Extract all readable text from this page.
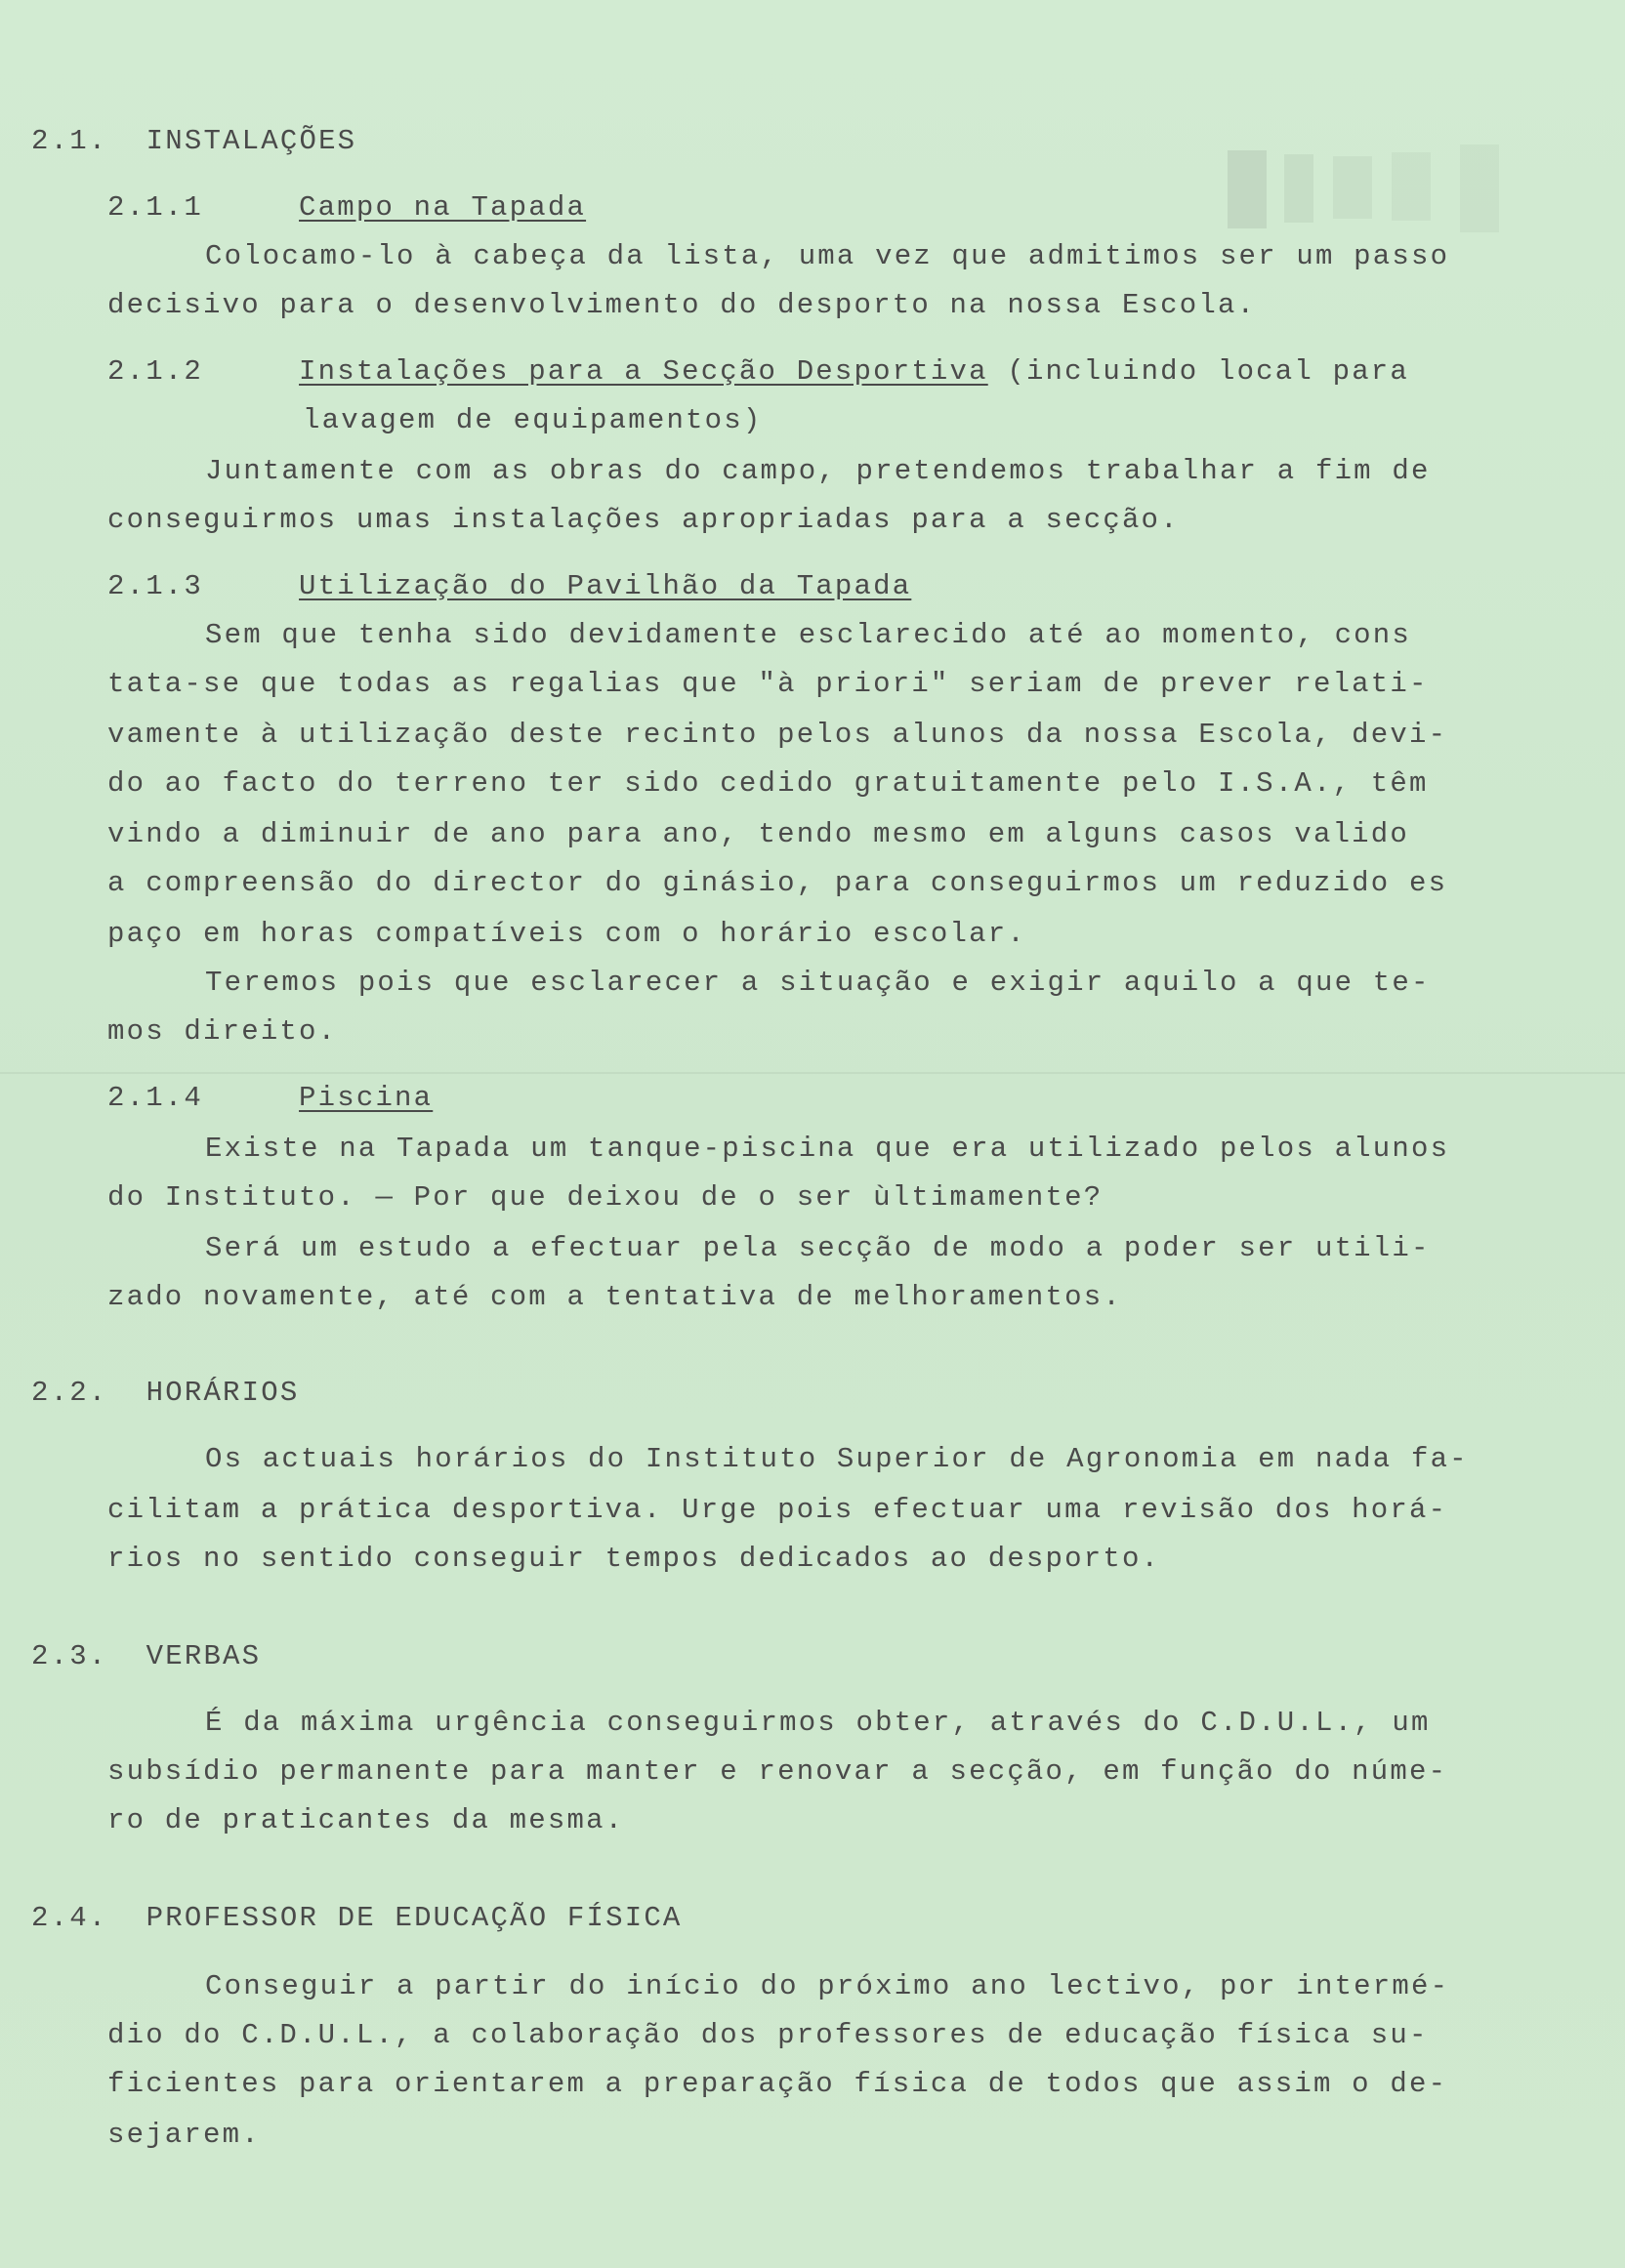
2.1. INSTALAÇÕES
2.1.1	Campo na Tapada
Colocamo-lo à cabeça da lista, uma vez que admitimos ser um passo
decisivo para o desenvolvimento do desporto na nossa Escola.
2.1.2	Instalações para a Secção Desportiva (incluindo local para
lavagem de equipamentos)
Juntamente com as obras do campo, pretendemos trabalhar a fim de
conseguirmos umas instalações apropriadas para a secção.
2.1.3	Utilização do Pavilhão da Tapada
Sem que tenha sido devidamente esclarecido até ao momento, cons
tata-se que todas as regalias que "à priori" seriam de prever relati-
vamente à utilização deste recinto pelos alunos da nossa Escola, devi-
do ao facto do terreno ter sido cedido gratuitamente pelo I.S.A., têm
vindo a diminuir de ano para ano, tendo mesmo em alguns casos valido
a compreensão do director do ginásio, para conseguirmos um reduzido es
paço em horas compatíveis com o horário escolar.
Teremos pois que esclarecer a situação e exigir aquilo a que te-
mos direito.
2.1.4	Piscina
Existe na Tapada um tanque-piscina que era utilizado pelos alunos
do Instituto. — Por que deixou de o ser ùltimamente?
Será um estudo a efectuar pela secção de modo a poder ser utili-
zado novamente, até com a tentativa de melhoramentos.
2.2. HORÁRIOS
Os actuais horários do Instituto Superior de Agronomia em nada fa-
cilitam a prática desportiva. Urge pois efectuar uma revisão dos horá-
rios no sentido conseguir tempos dedicados ao desporto.
2.3. VERBAS
É da máxima urgência conseguirmos obter, através do C.D.U.L., um
subsídio permanente para manter e renovar a secção, em função do núme-
ro de praticantes da mesma.
2.4. PROFESSOR DE EDUCAÇÃO FÍSICA
Conseguir a partir do início do próximo ano lectivo, por intermé-
dio do C.D.U.L., a colaboração dos professores de educação física su-
ficientes para orientarem a preparação física de todos que assim o de-
sejarem.
